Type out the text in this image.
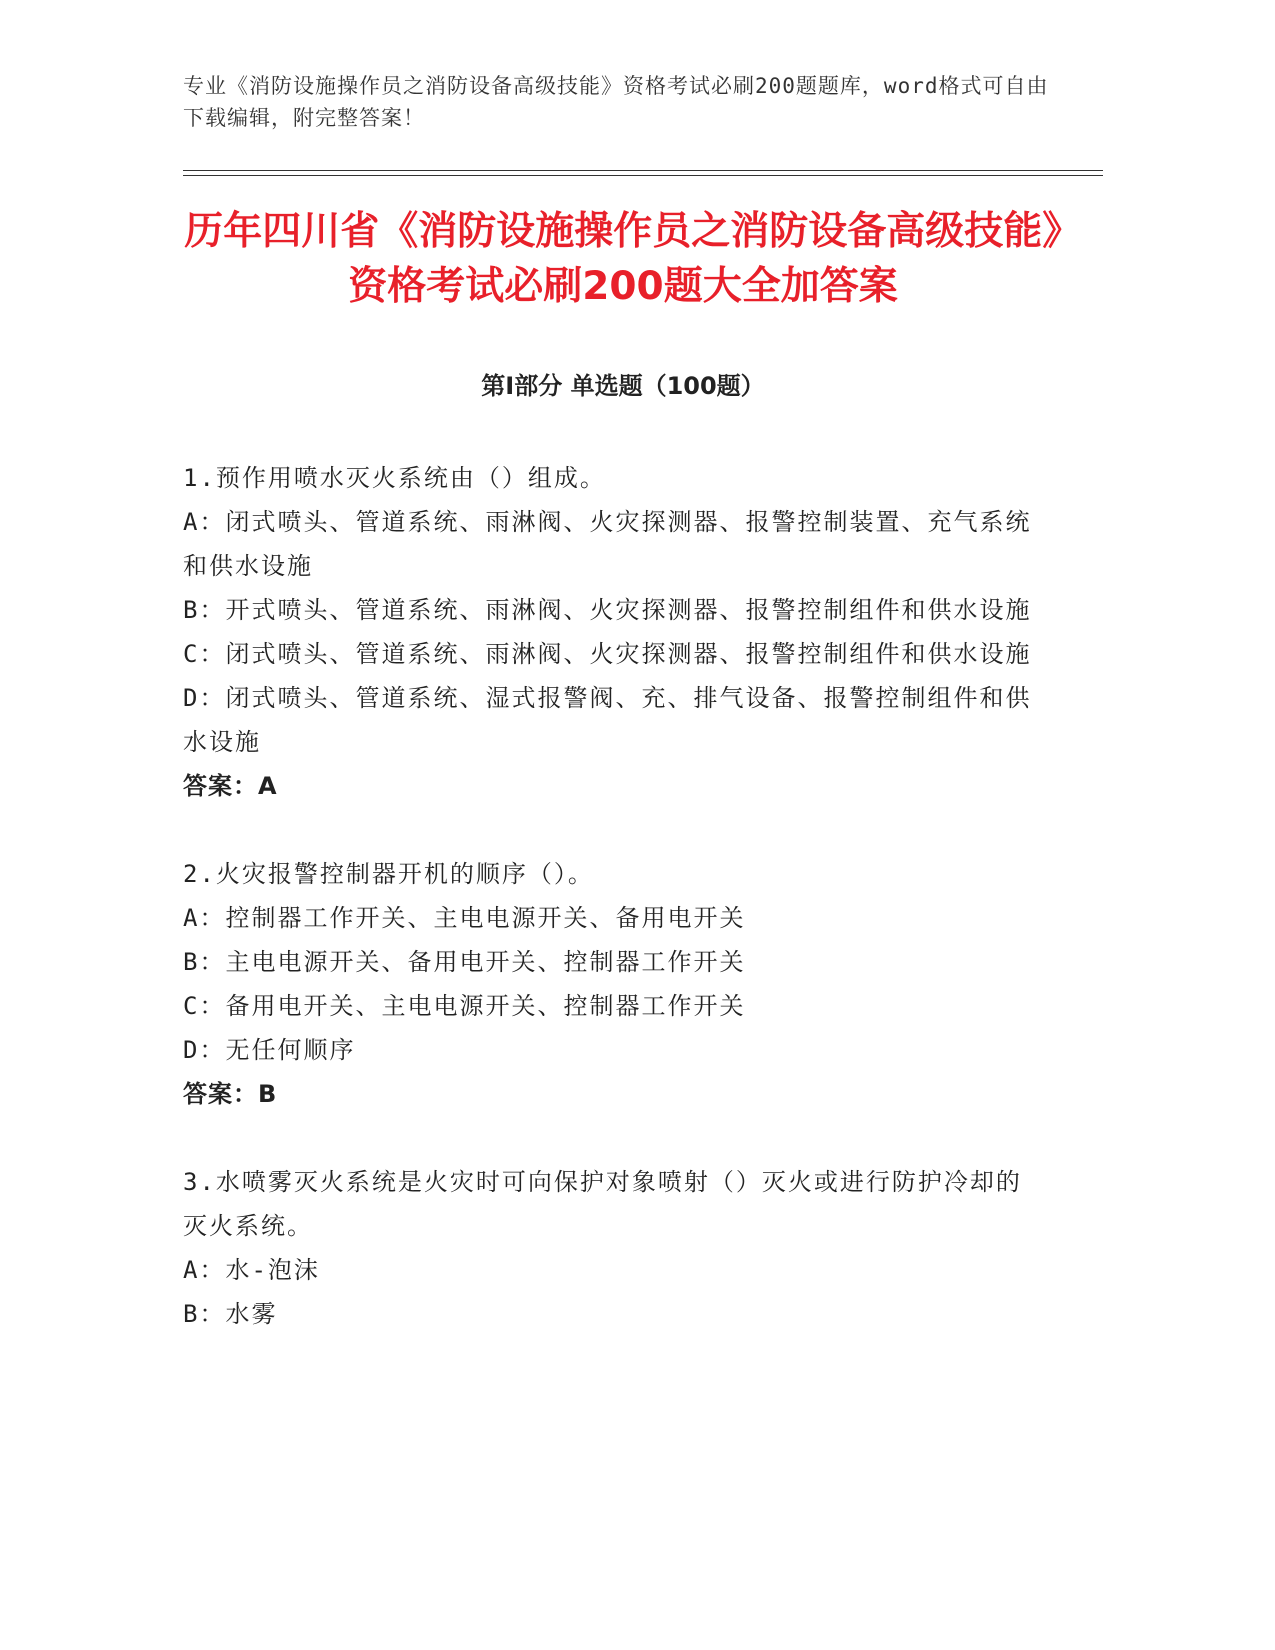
专业《消防设施操作员之消防设备高级技能》资格考试必刷200题题库，word格式可自由下载编辑，附完整答案！
历年四川省《消防设施操作员之消防设备高级技能》资格考试必刷200题大全加答案
第Ⅰ部分 单选题（100题）
1.预作用喷水灭火系统由（）组成。
A：闭式喷头、管道系统、雨淋阀、火灾探测器、报警控制装置、充气系统和供水设施
B：开式喷头、管道系统、雨淋阀、火灾探测器、报警控制组件和供水设施
C：闭式喷头、管道系统、雨淋阀、火灾探测器、报警控制组件和供水设施
D：闭式喷头、管道系统、湿式报警阀、充、排气设备、报警控制组件和供水设施
答案：A
2.火灾报警控制器开机的顺序（）。
A：控制器工作开关、主电电源开关、备用电开关
B：主电电源开关、备用电开关、控制器工作开关
C：备用电开关、主电电源开关、控制器工作开关
D：无任何顺序
答案：B
3.水喷雾灭火系统是火灾时可向保护对象喷射（）灭火或进行防护冷却的灭火系统。
A：水-泡沫
B：水雾
